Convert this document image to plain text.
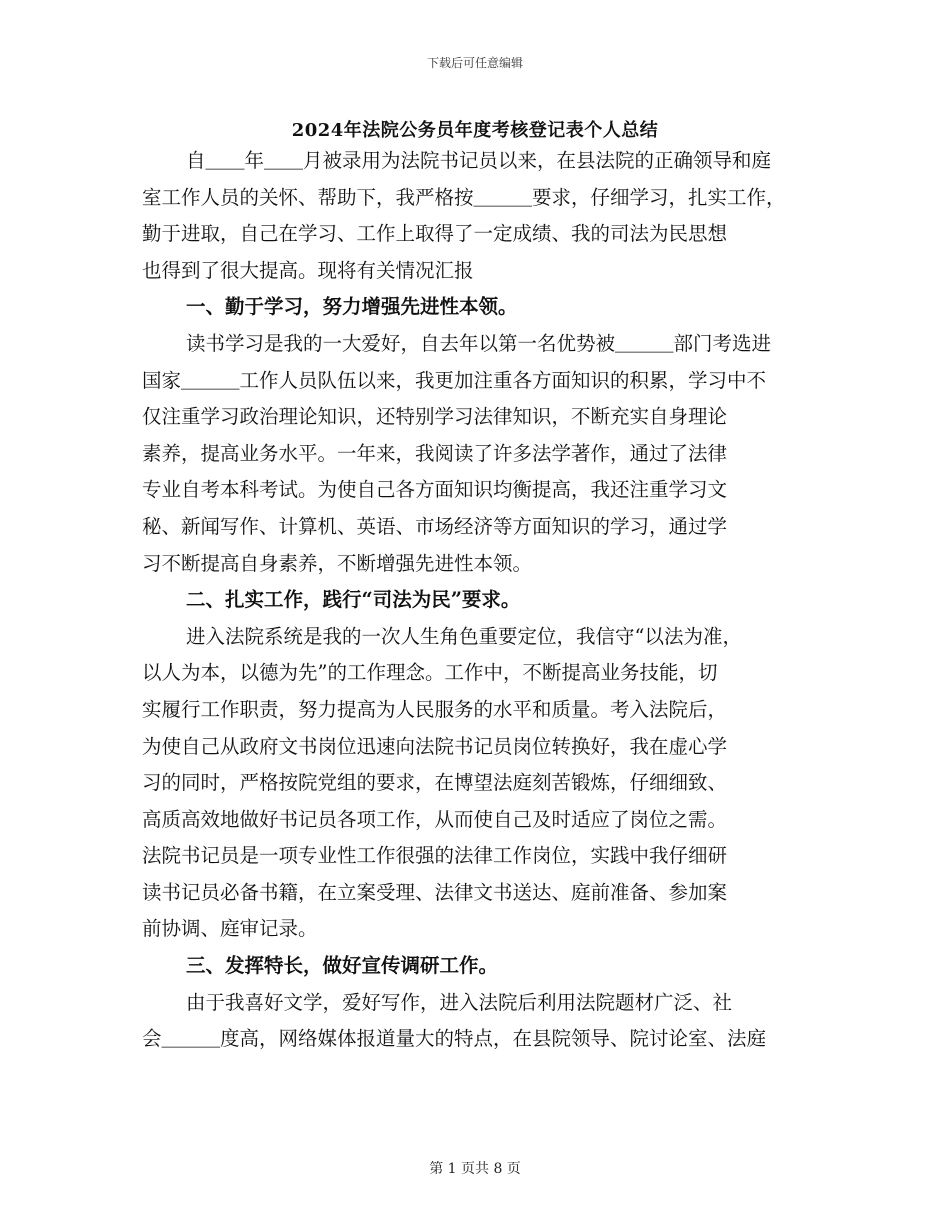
下载后可任意编辑
2024年法院公务员年度考核登记表个人总结
自＿＿年＿＿月被录用为法院书记员以来，在县法院的正确领导和庭
室工作人员的关怀、帮助下，我严格按＿＿＿要求，仔细学习，扎实工作，
勤于进取，自己在学习、工作上取得了一定成绩、我的司法为民思想
也得到了很大提高。现将有关情况汇报
一、勤于学习，努力增强先进性本领。
读书学习是我的一大爱好，自去年以第一名优势被＿＿＿部门考选进
国家＿＿＿工作人员队伍以来，我更加注重各方面知识的积累，学习中不
仅注重学习政治理论知识，还特别学习法律知识，不断充实自身理论
素养，提高业务水平。一年来，我阅读了许多法学著作，通过了法律
专业自考本科考试。为使自己各方面知识均衡提高，我还注重学习文
秘、新闻写作、计算机、英语、市场经济等方面知识的学习，通过学
习不断提高自身素养，不断增强先进性本领。
二、扎实工作，践行“司法为民”要求。
进入法院系统是我的一次人生角色重要定位，我信守“以法为准，
以人为本，以德为先”的工作理念。工作中，不断提高业务技能，切
实履行工作职责，努力提高为人民服务的水平和质量。考入法院后，
为使自己从政府文书岗位迅速向法院书记员岗位转换好，我在虚心学
习的同时，严格按院党组的要求，在博望法庭刻苦锻炼，仔细细致、
高质高效地做好书记员各项工作，从而使自己及时适应了岗位之需。
法院书记员是一项专业性工作很强的法律工作岗位，实践中我仔细研
读书记员必备书籍，在立案受理、法律文书送达、庭前准备、参加案
前协调、庭审记录。
三、发挥特长，做好宣传调研工作。
由于我喜好文学，爱好写作，进入法院后利用法院题材广泛、社
会＿＿＿度高，网络媒体报道量大的特点，在县院领导、院讨论室、法庭
第 1 页共 8 页
